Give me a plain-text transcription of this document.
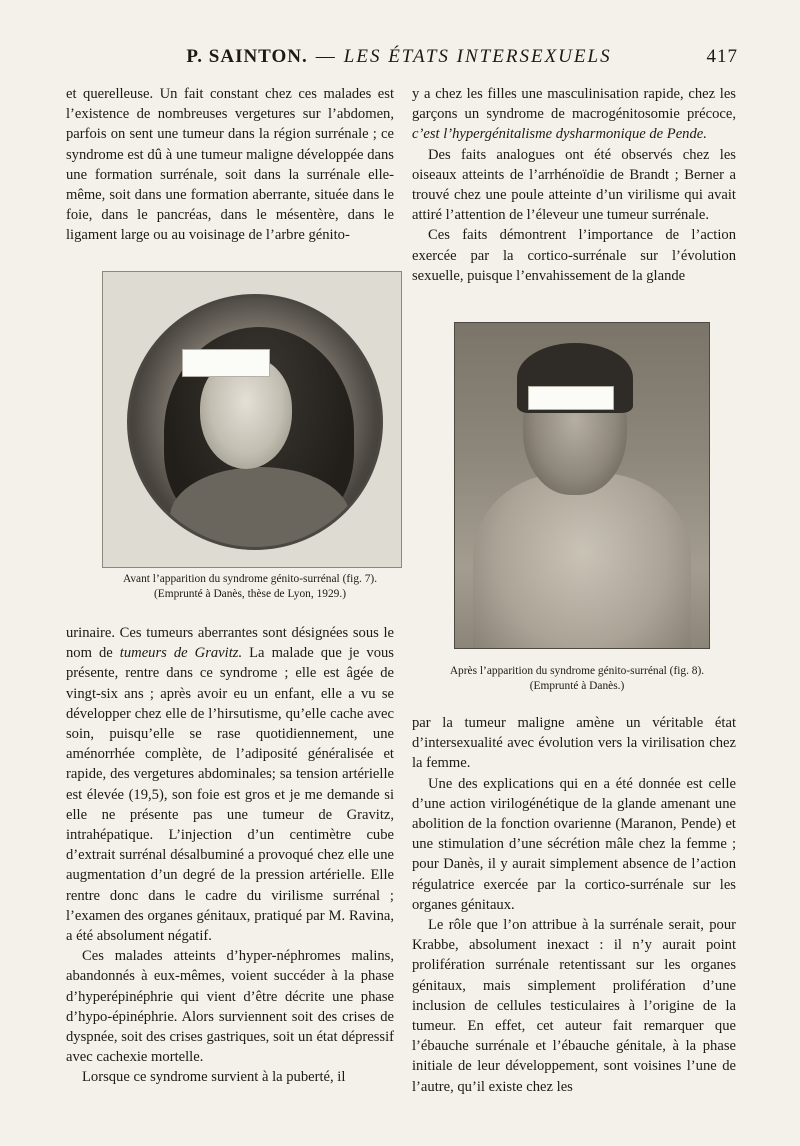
P. SAINTON. — LES ÉTATS INTERSEXUELS	417

et querelleuse. Un fait constant chez ces malades est l’existence de nombreuses vergetures sur l’abdomen, parfois on sent une tumeur dans la région surrénale ; ce syndrome est dû à une tumeur maligne développée dans une formation surrénale, soit dans la surrénale elle-même, soit dans une formation aberrante, située dans le foie, dans le pancréas, dans le mésentère, dans le ligament large ou au voisinage de l’arbre génito-

Avant l’apparition du syndrome génito-surrénal (fig. 7).
(Emprunté à Danès, thèse de Lyon, 1929.)

urinaire. Ces tumeurs aberrantes sont désignées sous le nom de tumeurs de Gravitz. La malade que je vous présente, rentre dans ce syndrome ; elle est âgée de vingt-six ans ; après avoir eu un enfant, elle a vu se développer chez elle de l’hirsutisme, qu’elle cache avec soin, puisqu’elle se rase quotidiennement, une aménorrhée complète, de l’adiposité généralisée et rapide, des vergetures abdominales; sa tension artérielle est élevée (19,5), son foie est gros et je me demande si elle ne présente pas une tumeur de Gravitz, intrahépatique. L’injection d’un centimètre cube d’extrait surrénal désalbuminé a provoqué chez elle une augmentation d’un degré de la pression artérielle. Elle rentre donc dans le cadre du virilisme surrénal ; l’examen des organes génitaux, pratiqué par M. Ravina, a été absolument négatif.

Ces malades atteints d’hyper-néphromes malins, abandonnés à eux-mêmes, voient succéder à la phase d’hyperépinéphrie qui vient d’être décrite une phase d’hypo-épinéphrie. Alors surviennent soit des crises de dyspnée, soit des crises gastriques, soit un état dépressif avec cachexie mortelle.

Lorsque ce syndrome survient à la puberté, il

y a chez les filles une masculinisation rapide, chez les garçons un syndrome de macrogénitosomie précoce, c’est l’hypergénitalisme dysharmonique de Pende.

Des faits analogues ont été observés chez les oiseaux atteints de l’arrhénoïdie de Brandt ; Berner a trouvé chez une poule atteinte d’un virilisme qui avait attiré l’attention de l’éleveur une tumeur surrénale.

Ces faits démontrent l’importance de l’action exercée par la cortico-surrénale sur l’évolution sexuelle, puisque l’envahissement de la glande

Après l’apparition du syndrome génito-surrénal (fig. 8).
(Emprunté à Danès.)

par la tumeur maligne amène un véritable état d’intersexualité avec évolution vers la virilisation chez la femme.

Une des explications qui en a été donnée est celle d’une action virilogénétique de la glande amenant une abolition de la fonction ovarienne (Maranon, Pende) et une stimulation d’une sécrétion mâle chez la femme ; pour Danès, il y aurait simplement absence de l’action régulatrice exercée par la cortico-surrénale sur les organes génitaux.

Le rôle que l’on attribue à la surrénale serait, pour Krabbe, absolument inexact : il n’y aurait point prolifération surrénale retentissant sur les organes génitaux, mais simplement prolifération d’une inclusion de cellules testiculaires à l’origine de la tumeur. En effet, cet auteur fait remarquer que l’ébauche surrénale et l’ébauche génitale, à la phase initiale de leur développement, sont voisines l’une de l’autre, qu’il existe chez les
